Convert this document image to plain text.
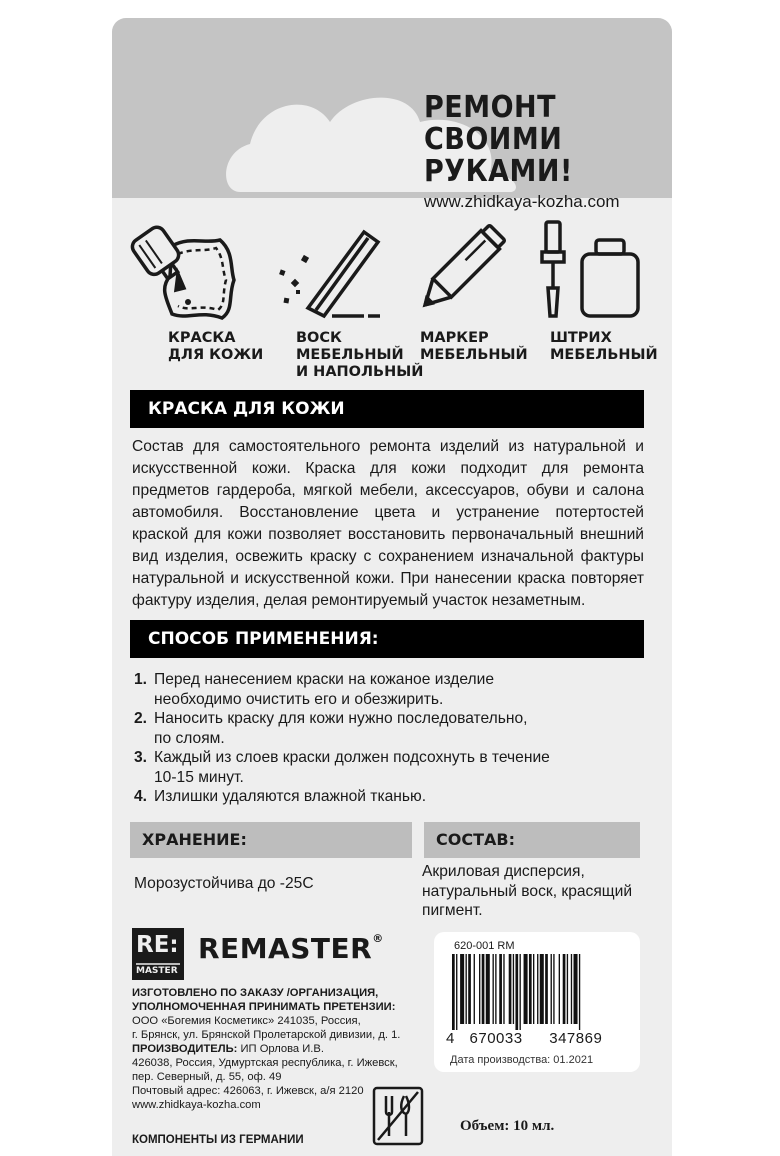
РЕМОНТ
СВОИМИ РУКАМИ!
www.zhidkaya-kozha.com
КРАСКА
ДЛЯ КОЖИ
ВОСК
МЕБЕЛЬНЫЙ
И НАПОЛЬНЫЙ
МАРКЕР
МЕБЕЛЬНЫЙ
ШТРИХ
МЕБЕЛЬНЫЙ
КРАСКА ДЛЯ КОЖИ
Состав для самостоятельного ремонта изделий из натуральной и искусственной кожи. Краска для кожи подходит для ремонта предметов гардероба, мягкой мебели, аксессуаров, обуви и салона автомобиля. Восстановление цвета и устранение потертостей краской для кожи позволяет восстановить первоначальный внешний вид изделия, освежить краску с сохранением изначальной фактуры натуральной и искусственной кожи. При нанесении краска повторяет фактуру изделия, делая ремонтируемый участок незаметным.
СПОСОБ ПРИМЕНЕНИЯ:
1. Перед нанесением краски на кожаное изделие необходимо очистить его и обезжирить.
2. Наносить краску для кожи нужно последовательно, по слоям.
3. Каждый из слоев краски должен подсохнуть в течение 10-15 минут.
4. Излишки удаляются влажной тканью.
ХРАНЕНИЕ:
Морозустойчива до -25С
СОСТАВ:
Акриловая дисперсия, натуральный воск, красящий пигмент.
RE:
MASTER
REMASTER®
ИЗГОТОВЛЕНО ПО ЗАКАЗУ /ОРГАНИЗАЦИЯ,
УПОЛНОМОЧЕННАЯ ПРИНИМАТЬ ПРЕТЕНЗИИ:
ООО «Богемия Косметикс» 241035, Россия,
г. Брянск, ул. Брянской Пролетарской дивизии, д. 1.
ПРОИЗВОДИТЕЛЬ: ИП Орлова И.В.
426038, Россия, Удмуртская республика, г. Ижевск,
пер. Северный, д. 55, оф. 49
Почтовый адрес: 426063, г. Ижевск, а/я 2120
www.zhidkaya-kozha.com
КОМПОНЕНТЫ ИЗ ГЕРМАНИИ
620-001 RM
4 670033 347869
Дата производства: 01.2021
Объем: 10 мл.
